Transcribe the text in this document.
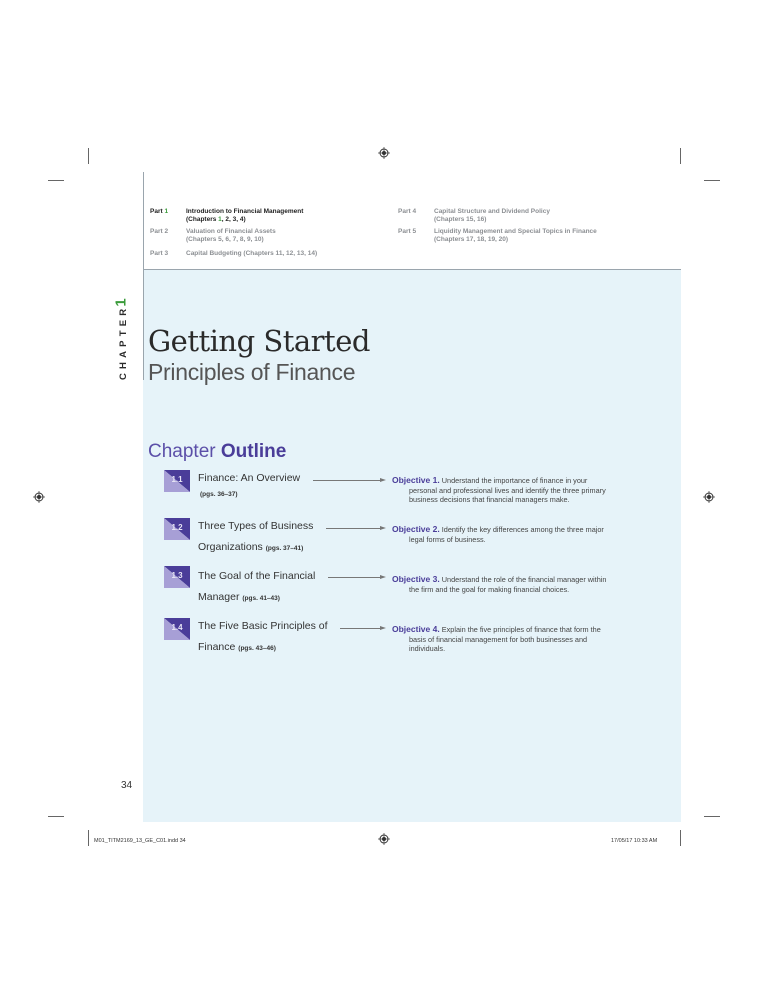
Part 1	Introduction to Financial Management
(Chapters 1, 2, 3, 4)
Part 2	Valuation of Financial Assets
(Chapters 5, 6, 7, 8, 9, 10)
Part 3	Capital Budgeting (Chapters 11, 12, 13, 14)
Part 4	Capital Structure and Dividend Policy
(Chapters 15, 16)
Part 5	Liquidity Management and Special Topics in Finance
(Chapters 17, 18, 19, 20)
CHAPTER
1
Getting Started
Principles of Finance
Chapter Outline
1.1	Finance: An Overview
(pgs. 36–37)
Objective 1. Understand the importance of finance in your personal and professional lives and identify the three primary business decisions that financial managers make.
1.2	Three Types of Business
Organizations (pgs. 37–41)
Objective 2. Identify the key differences among the three major legal forms of business.
1.3	The Goal of the Financial
Manager (pgs. 41–43)
Objective 3. Understand the role of the financial manager within the firm and the goal for making financial choices.
1.4	The Five Basic Principles of
Finance (pgs. 43–46)
Objective 4. Explain the five principles of finance that form the basis of financial management for both businesses and individuals.
34
M01_TITM2169_13_GE_C01.indd 34	17/05/17 10:33 AM
